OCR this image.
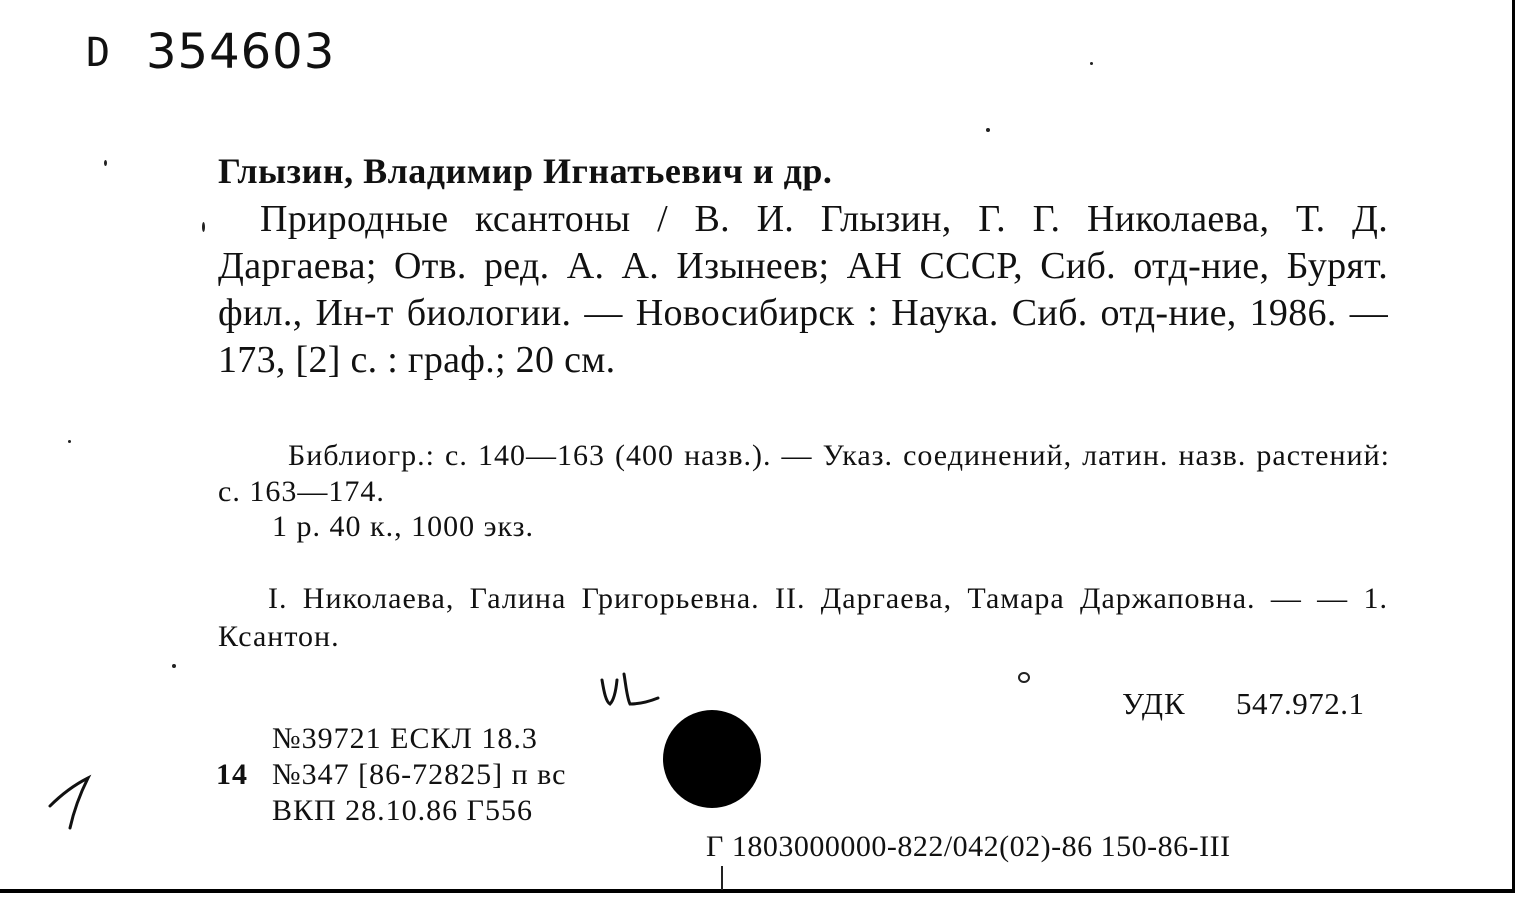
D 354603
Глызин, Владимир Игнатьевич и др.
Природные ксантоны / В. И. Глызин, Г. Г. Николаева, Т. Д. Даргаева; Отв. ред. А. А. Изынеев; АН СССР, Сиб. отд-ние, Бурят. фил., Ин-т биологии. — Новосибирск : Наука. Сиб. отд-ние, 1986. — 173, [2] с. : граф.; 20 см.
Библиогр.: с. 140—163 (400 назв.). — Указ. соединений, латин. назв. растений: с. 163—174.
1 р. 40 к., 1000 экз.
I. Николаева, Галина Григорьевна. II. Даргаева, Тамара Даржаповна. — — 1. Ксантон.
УДК 547.972.1
№39721 ЕСКЛ 18.3
14 №347 [86-72825] п вс
ВКП 28.10.86 Г556
Г 1803000000-822/042(02)-86 150-86-III
